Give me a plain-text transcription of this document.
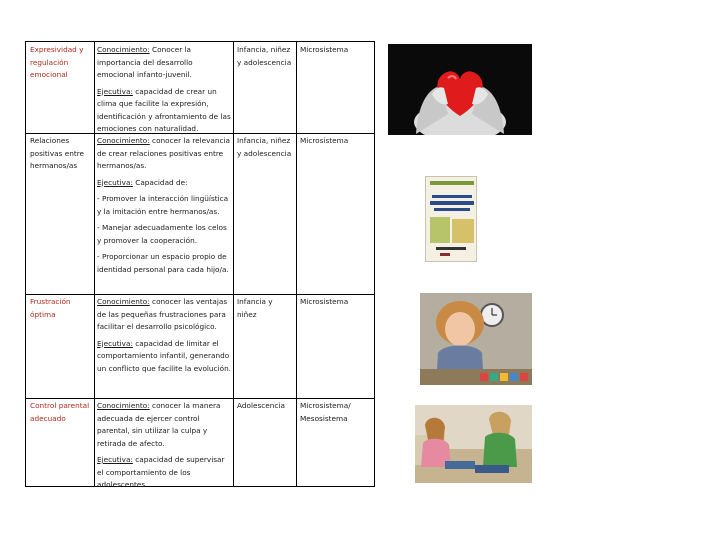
Expresividad y regulación emocional
Conocimiento: Conocer la importancia del desarrollo emocional infanto-juvenil.
Ejecutiva: capacidad de crear un clima que facilite la expresión, identificación y afrontamiento de las emociones con naturalidad.
Infancia, niñez y adolescencia
Microsistema
Relaciones positivas entre hermanos/as
Conocimiento: conocer la relevancia de crear relaciones positivas entre hermanos/as.
Ejecutiva: Capacidad de:
- Promover la interacción lingüística y la imitación entre hermanos/as.
- Manejar adecuadamente los celos y promover la cooperación.
- Proporcionar un espacio propio de identidad personal para cada hijo/a.
Infancia, niñez y adolescencia
Microsistema
Frustración óptima
Conocimiento: conocer las ventajas de las pequeñas frustraciones para facilitar el desarrollo psicológico.
Ejecutiva: capacidad de limitar el comportamiento infantil, generando un conflicto que facilite la evolución.
Infancia y niñez
Microsistema
Control parental adecuado
Conocimiento: conocer la manera adecuada de ejercer control parental, sin utilizar la culpa y retirada de afecto.
Ejecutiva: capacidad de supervisar el comportamiento de los adolescentes.
Adolescencia	Microsistema/ Mesosistema
